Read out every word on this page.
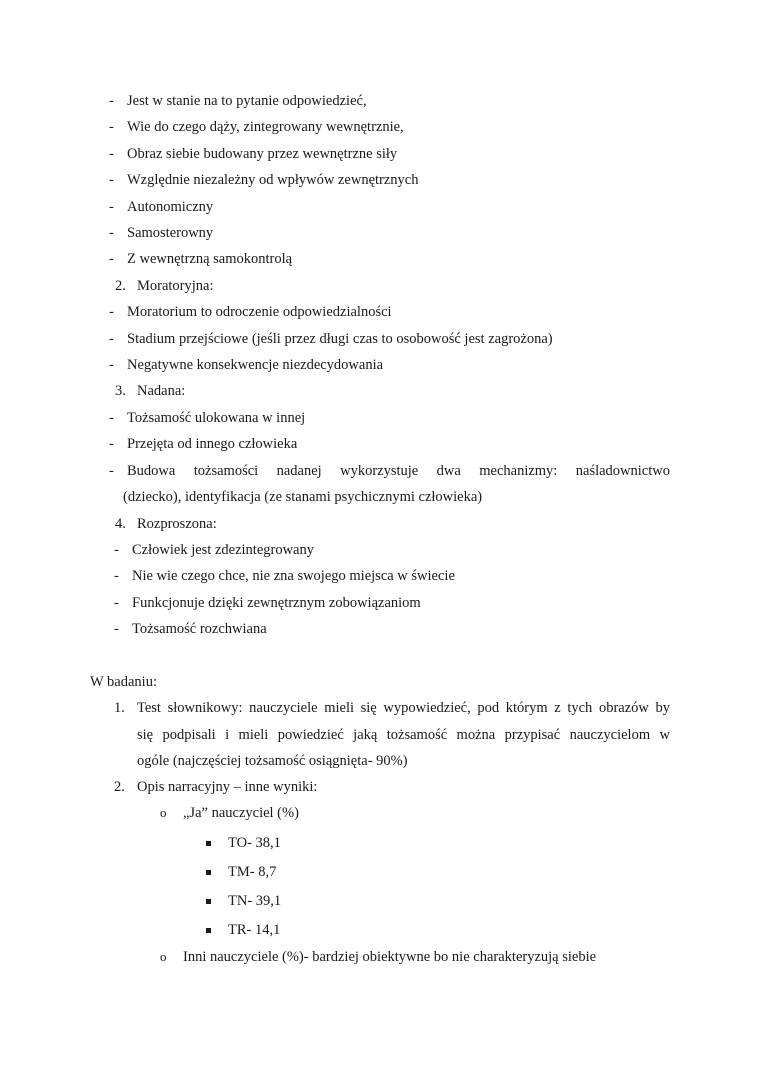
- Jest w stanie na to pytanie odpowiedzieć,
- Wie do czego dąży, zintegrowany wewnętrznie,
- Obraz siebie budowany przez wewnętrzne siły
- Względnie niezależny od wpływów zewnętrznych
- Autonomiczny
- Samosterowny
- Z wewnętrzną samokontrolą
2. Moratoryjna:
- Moratorium to odroczenie odpowiedzialności
- Stadium przejściowe (jeśli przez długi czas to osobowość jest zagrożona)
- Negatywne konsekwencje niezdecydowania
3. Nadana:
- Tożsamość ulokowana w innej
- Przejęta od innego człowieka
- Budowa tożsamości nadanej wykorzystuje dwa mechanizmy: naśladownictwo
(dziecko), identyfikacja (ze stanami psychicznymi człowieka)
4. Rozproszona:
- Człowiek jest zdezintegrowany
- Nie wie czego chce, nie zna swojego miejsca w świecie
- Funkcjonuje dzięki zewnętrznym zobowiązaniom
- Tożsamość rozchwiana
W badaniu:
1. Test słownikowy: nauczyciele mieli się wypowiedzieć, pod którym z tych obrazów by
się podpisali i mieli powiedzieć jaką tożsamość można przypisać nauczycielom w
ogóle (najczęściej tożsamość osiągnięta- 90%)
2. Opis narracyjny – inne wyniki:
o „Ja” nauczyciel (%)
TO- 38,1
TM- 8,7
TN- 39,1
TR- 14,1
o Inni nauczyciele (%)- bardziej obiektywne bo nie charakteryzują siebie
